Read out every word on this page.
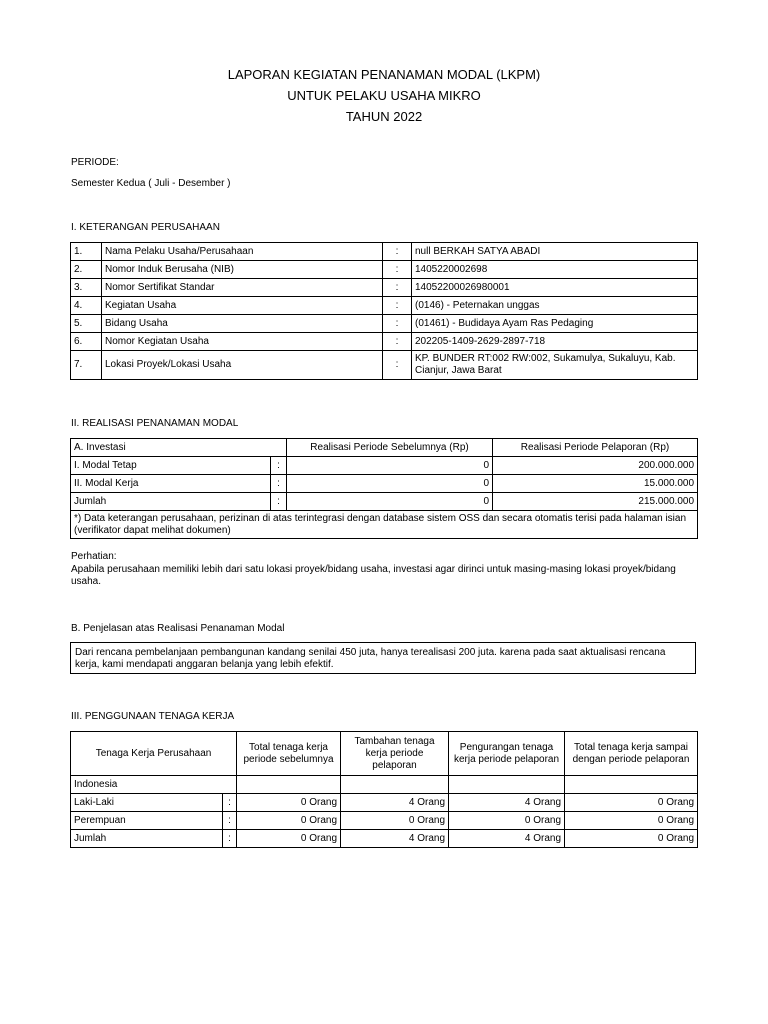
LAPORAN KEGIATAN PENANAMAN MODAL (LKPM)
UNTUK PELAKU USAHA MIKRO
TAHUN 2022
PERIODE:
Semester Kedua ( Juli - Desember )
I. KETERANGAN PERUSAHAAN
1.	Nama Pelaku Usaha/Perusahaan	:	null BERKAH SATYA ABADI
2.	Nomor Induk Berusaha (NIB)	:	1405220002698
3.	Nomor Sertifikat Standar	:	14052200026980001
4.	Kegiatan Usaha	:	(0146) - Peternakan unggas
5.	Bidang Usaha	:	(01461) - Budidaya Ayam Ras Pedaging
6.	Nomor Kegiatan Usaha	:	202205-1409-2629-2897-718
7.	Lokasi Proyek/Lokasi Usaha	:	KP. BUNDER RT:002 RW:002, Sukamulya, Sukaluyu, Kab. Cianjur, Jawa Barat
II. REALISASI PENANAMAN MODAL
A. Investasi		Realisasi Periode Sebelumnya (Rp)	Realisasi Periode Pelaporan (Rp)
I. Modal Tetap	:	0	200.000.000
II. Modal Kerja	:	0	15.000.000
Jumlah	:	0	215.000.000
*) Data keterangan perusahaan, perizinan di atas terintegrasi dengan database sistem OSS dan secara otomatis terisi pada halaman isian (verifikator dapat melihat dokumen)			
Perhatian:
Apabila perusahaan memiliki lebih dari satu lokasi proyek/bidang usaha, investasi agar dirinci untuk masing-masing lokasi proyek/bidang usaha.
B. Penjelasan atas Realisasi Penanaman Modal
Dari rencana pembelanjaan pembangunan kandang senilai 450 juta, hanya terealisasi 200 juta. karena pada saat aktualisasi rencana kerja, kami mendapati anggaran belanja yang lebih efektif.
III. PENGGUNAAN TENAGA KERJA
Tenaga Kerja Perusahaan		Total tenaga kerja periode sebelumnya	Tambahan tenaga kerja periode pelaporan	Pengurangan tenaga kerja periode pelaporan	Total tenaga kerja sampai dengan periode pelaporan
Indonesia					
Laki-Laki	:	0 Orang	4 Orang	4 Orang	0 Orang
Perempuan	:	0 Orang	0 Orang	0 Orang	0 Orang
Jumlah	:	0 Orang	4 Orang	4 Orang	0 Orang
